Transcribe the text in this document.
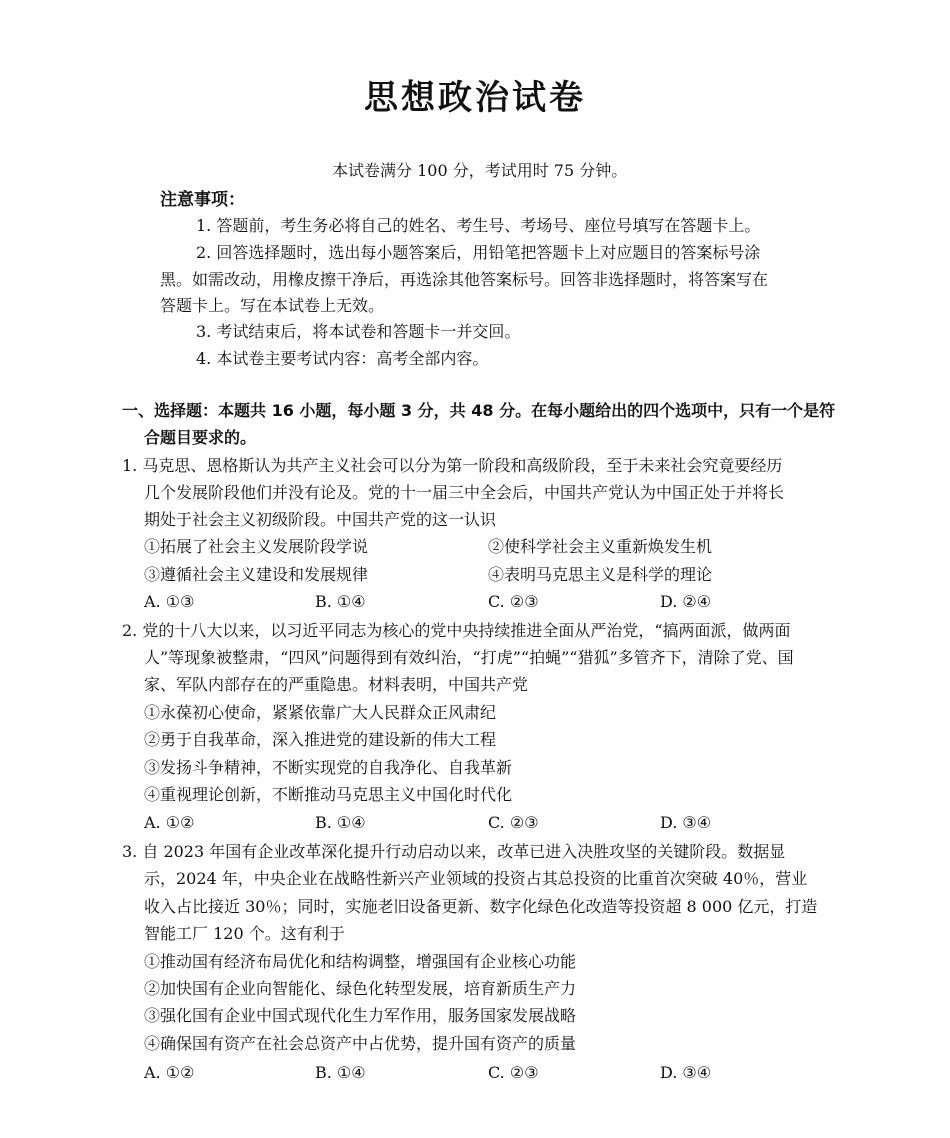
思想政治试卷
本试卷满分 100 分，考试用时 75 分钟。
注意事项：
1. 答题前，考生务必将自己的姓名、考生号、考场号、座位号填写在答题卡上。
2. 回答选择题时，选出每小题答案后，用铅笔把答题卡上对应题目的答案标号涂
黑。如需改动，用橡皮擦干净后，再选涂其他答案标号。回答非选择题时，将答案写在
答题卡上。写在本试卷上无效。
3. 考试结束后，将本试卷和答题卡一并交回。
4. 本试卷主要考试内容：高考全部内容。
一、选择题：本题共 16 小题，每小题 3 分，共 48 分。在每小题给出的四个选项中，只有一个是符
合题目要求的。
1. 马克思、恩格斯认为共产主义社会可以分为第一阶段和高级阶段，至于未来社会究竟要经历
几个发展阶段他们并没有论及。党的十一届三中全会后，中国共产党认为中国正处于并将长
期处于社会主义初级阶段。中国共产党的这一认识
①拓展了社会主义发展阶段学说	②使科学社会主义重新焕发生机
③遵循社会主义建设和发展规律	④表明马克思主义是科学的理论
A. ①③	B. ①④	C. ②③	D. ②④
2. 党的十八大以来，以习近平同志为核心的党中央持续推进全面从严治党，“搞两面派，做两面
人”等现象被整肃，“四风”问题得到有效纠治，“打虎”“拍蝇”“猎狐”多管齐下，清除了党、国
家、军队内部存在的严重隐患。材料表明，中国共产党
①永葆初心使命，紧紧依靠广大人民群众正风肃纪
②勇于自我革命，深入推进党的建设新的伟大工程
③发扬斗争精神，不断实现党的自我净化、自我革新
④重视理论创新，不断推动马克思主义中国化时代化
A. ①②	B. ①④	C. ②③	D. ③④
3. 自 2023 年国有企业改革深化提升行动启动以来，改革已进入决胜攻坚的关键阶段。数据显
示，2024 年，中央企业在战略性新兴产业领域的投资占其总投资的比重首次突破 40％，营业
收入占比接近 30％；同时，实施老旧设备更新、数字化绿色化改造等投资超 8 000 亿元，打造
智能工厂 120 个。这有利于
①推动国有经济布局优化和结构调整，增强国有企业核心功能
②加快国有企业向智能化、绿色化转型发展，培育新质生产力
③强化国有企业中国式现代化生力军作用，服务国家发展战略
④确保国有资产在社会总资产中占优势，提升国有资产的质量
A. ①②	B. ①④	C. ②③	D. ③④
